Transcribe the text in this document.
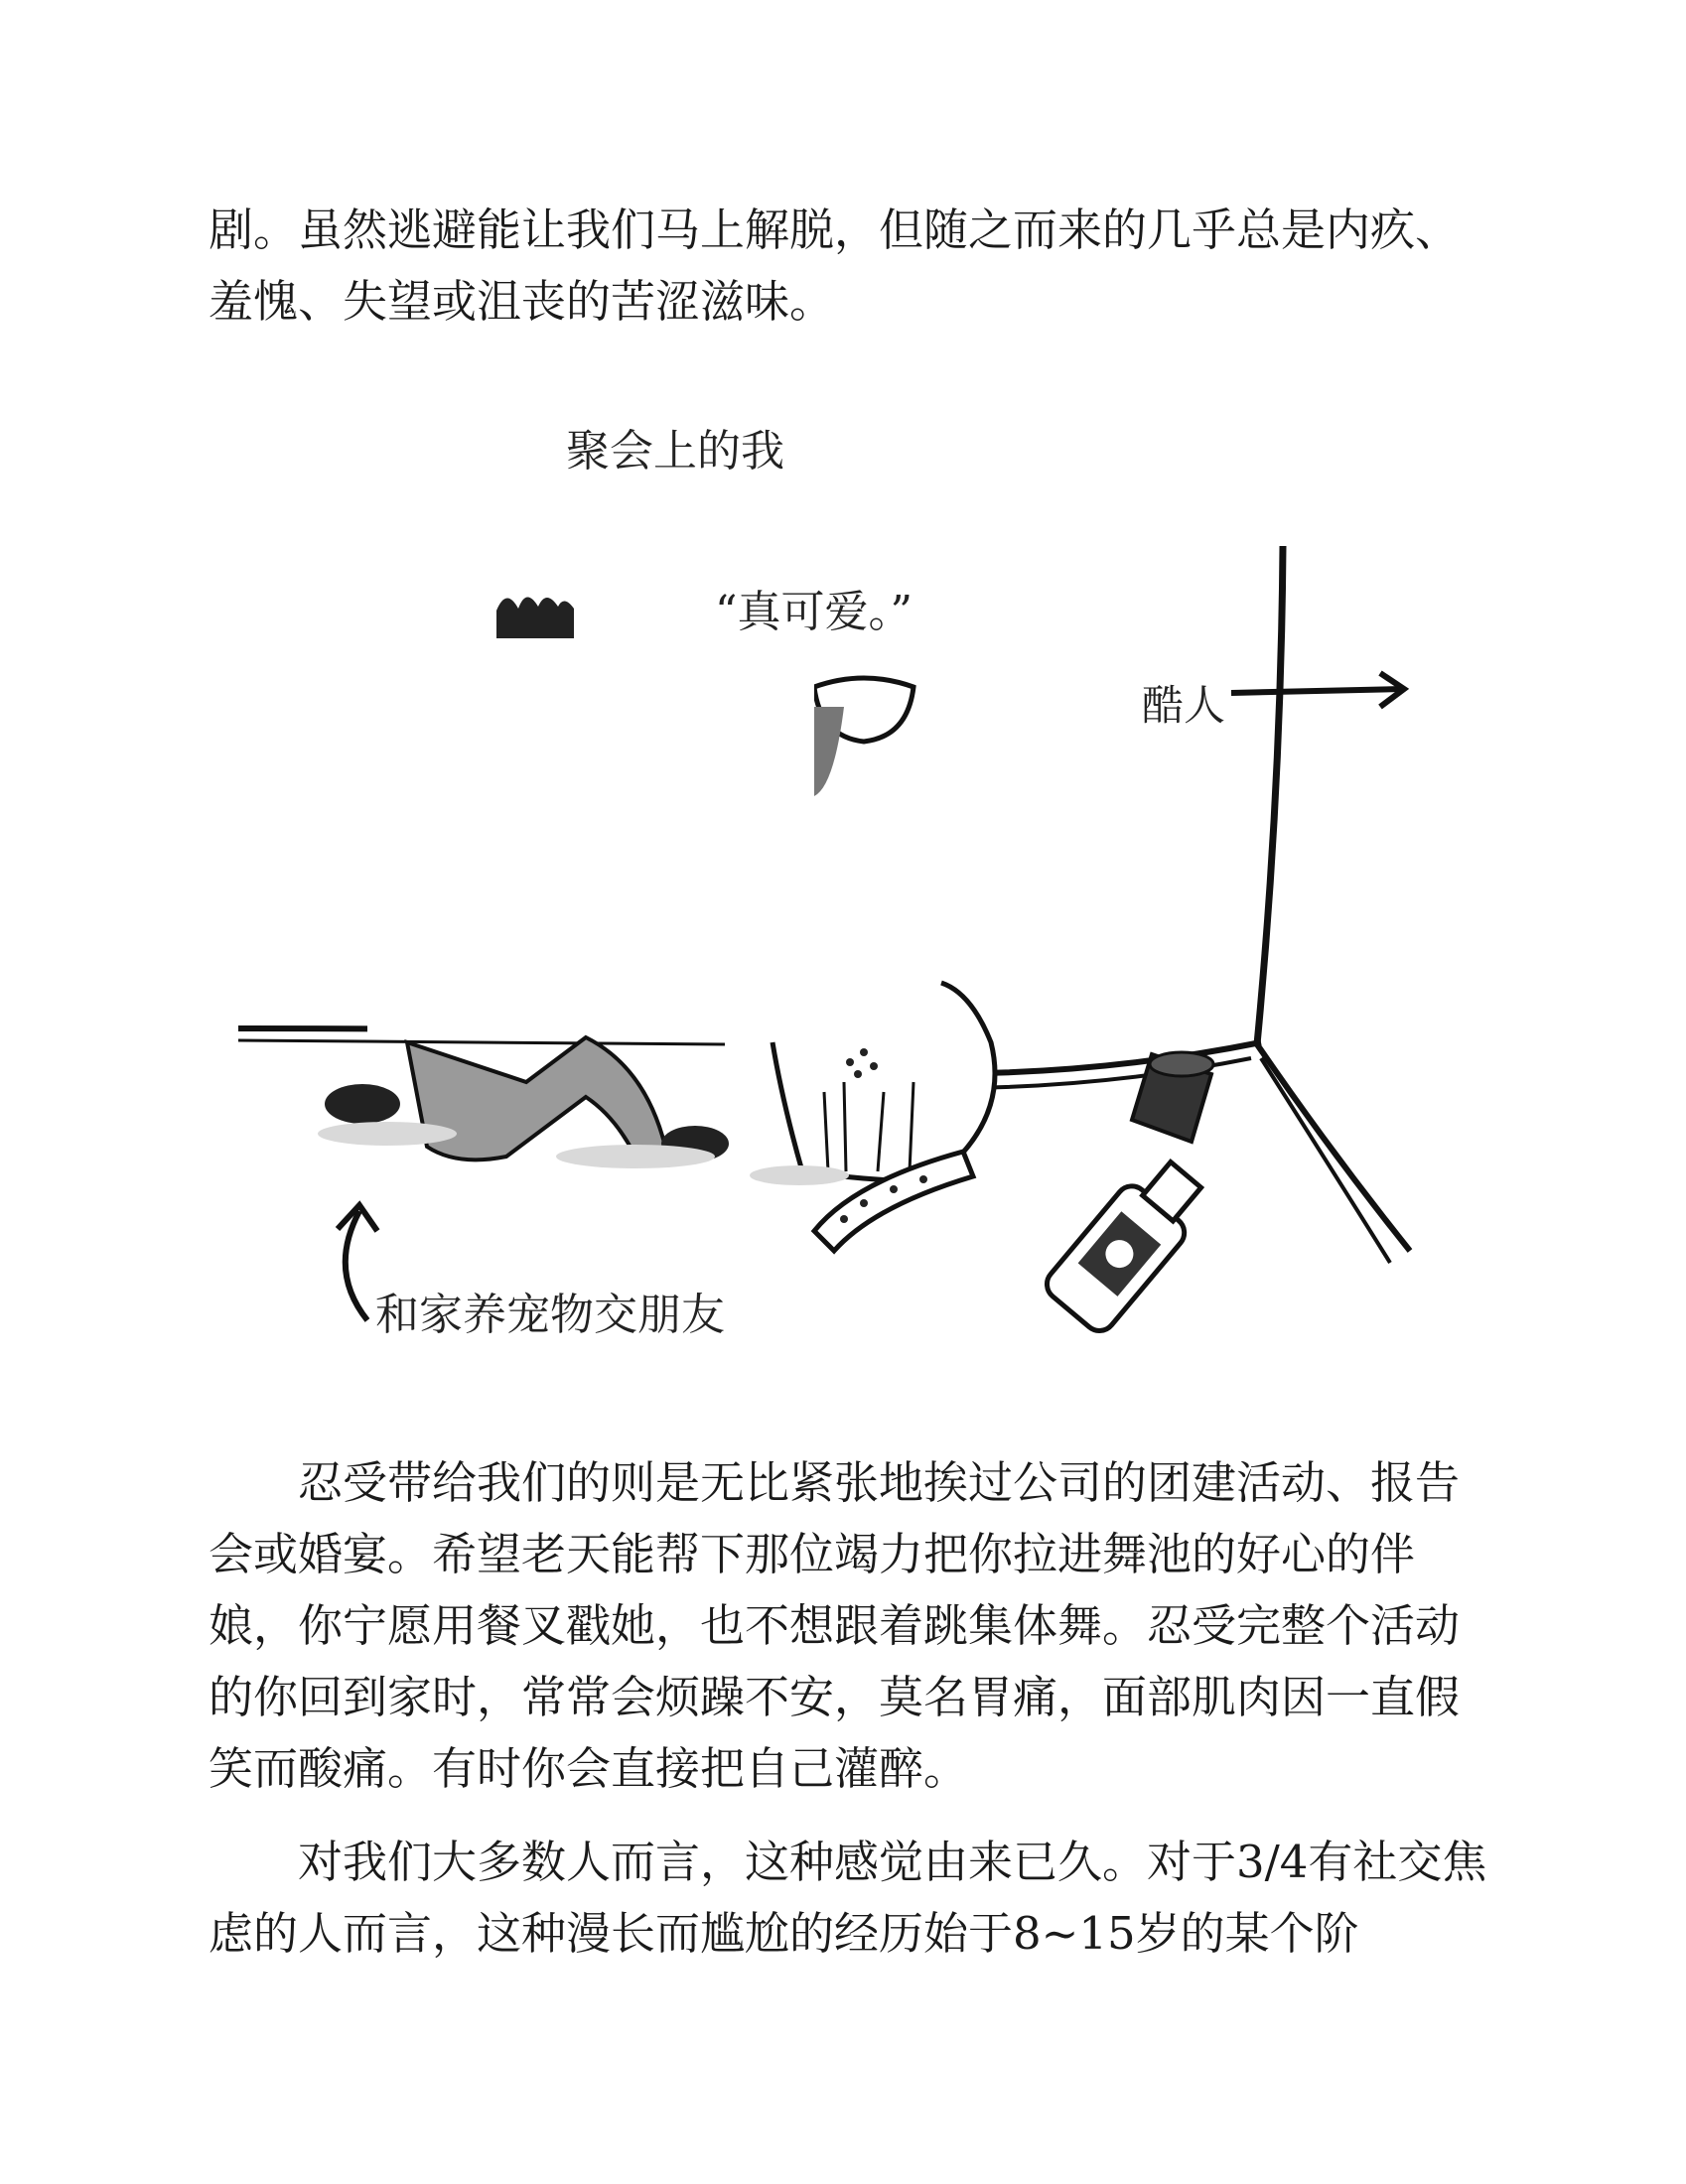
剧。虽然逃避能让我们马上解脱，但随之而来的几乎总是内疚、羞愧、失望或沮丧的苦涩滋味。

聚会上的我
“真可爱。”
酷人
和家养宠物交朋友

　　忍受带给我们的则是无比紧张地挨过公司的团建活动、报告会或婚宴。希望老天能帮下那位竭力把你拉进舞池的好心的伴娘，你宁愿用餐叉戳她，也不想跟着跳集体舞。忍受完整个活动的你回到家时，常常会烦躁不安，莫名胃痛，面部肌肉因一直假笑而酸痛。有时你会直接把自己灌醉。

　　对我们大多数人而言，这种感觉由来已久。对于3/4有社交焦虑的人而言，这种漫长而尴尬的经历始于8~15岁的某个阶
